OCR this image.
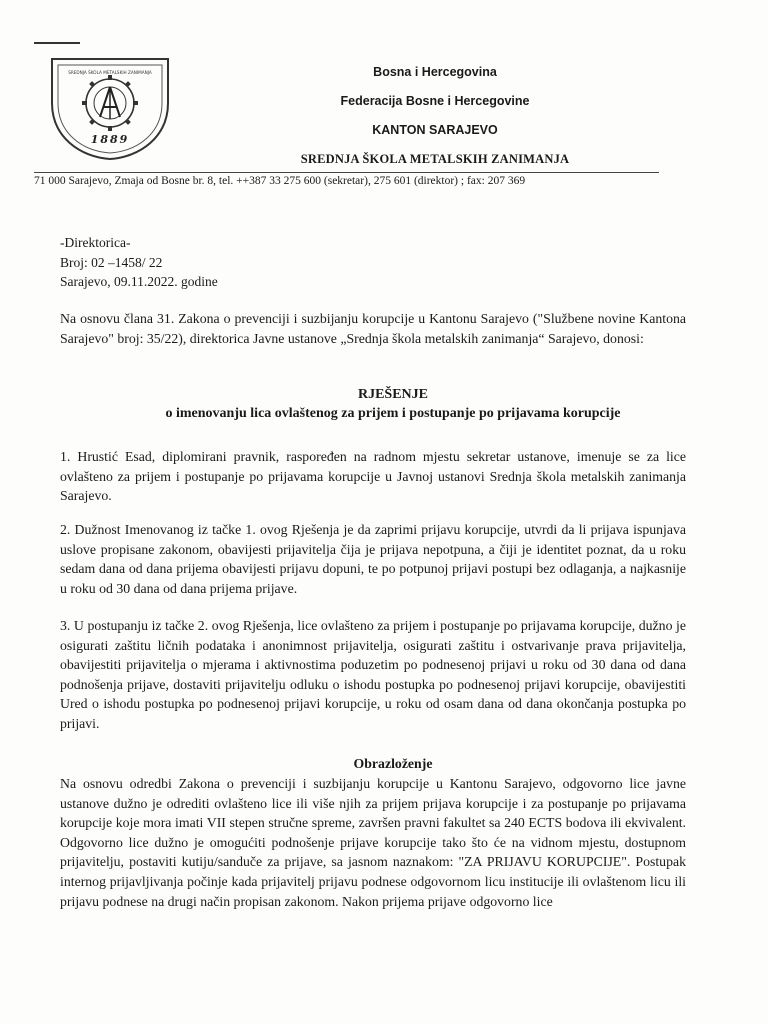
SREDNJA ŠKOLA METALSKIH ZANIMANJA
1889
Bosna i Hercegovina
Federacija Bosne i Hercegovine
KANTON SARAJEVO
SREDNJA ŠKOLA METALSKIH ZANIMANJA
71 000 Sarajevo, Zmaja od Bosne br. 8, tel. ++387 33 275 600 (sekretar), 275 601 (direktor) ; fax: 207 369
-Direktorica-
Broj: 02 –1458/ 22
Sarajevo, 09.11.2022. godine
Na osnovu člana 31. Zakona o prevenciji i suzbijanju korupcije u Kantonu Sarajevo ("Službene novine Kantona Sarajevo" broj: 35/22), direktorica Javne ustanove „Srednja škola metalskih zanimanja“ Sarajevo, donosi:
RJEŠENJE
o imenovanju lica ovlaštenog za prijem i postupanje po prijavama korupcije
1. Hrustić Esad, diplomirani pravnik, raspoređen na radnom mjestu sekretar ustanove, imenuje se za lice ovlašteno za prijem i postupanje po prijavama korupcije u Javnoj ustanovi Srednja škola metalskih zanimanja Sarajevo.
2. Dužnost Imenovanog iz tačke 1. ovog Rješenja je da zaprimi prijavu korupcije, utvrdi da li prijava ispunjava uslove propisane zakonom, obavijesti prijavitelja čija je prijava nepotpuna, a čiji je identitet poznat, da u roku sedam dana od dana prijema obavijesti prijavu dopuni, te po potpunoj prijavi postupi bez odlaganja, a najkasnije u roku od 30 dana od dana prijema prijave.
3. U postupanju iz tačke 2. ovog Rješenja, lice ovlašteno za prijem i postupanje po prijavama korupcije, dužno je osigurati zaštitu ličnih podataka i anonimnost prijavitelja, osigurati zaštitu i ostvarivanje prava prijavitelja, obavijestiti prijavitelja o mjerama i aktivnostima poduzetim po podnesenoj prijavi u roku od 30 dana od dana podnošenja prijave, dostaviti prijavitelju odluku o ishodu postupka po podnesenoj prijavi korupcije, obavijestiti Ured o ishodu postupka po podnesenoj prijavi korupcije, u roku od osam dana od dana okončanja postupka po prijavi.
Obrazloženje
Na osnovu odredbi Zakona o prevenciji i suzbijanju korupcije u Kantonu Sarajevo, odgovorno lice javne ustanove dužno je odrediti ovlašteno lice ili više njih za prijem prijava korupcije i za postupanje po prijavama korupcije koje mora imati VII stepen stručne spreme, završen pravni fakultet sa 240 ECTS bodova ili ekvivalent. Odgovorno lice dužno je omogućiti podnošenje prijave korupcije tako što će na vidnom mjestu, dostupnom prijavitelju, postaviti kutiju/sanduče za prijave, sa jasnom naznakom: "ZA PRIJAVU KORUPCIJE". Postupak internog prijavljivanja počinje kada prijavitelj prijavu podnese odgovornom licu institucije ili ovlaštenom licu ili prijavu podnese na drugi način propisan zakonom. Nakon prijema prijave odgovorno lice
